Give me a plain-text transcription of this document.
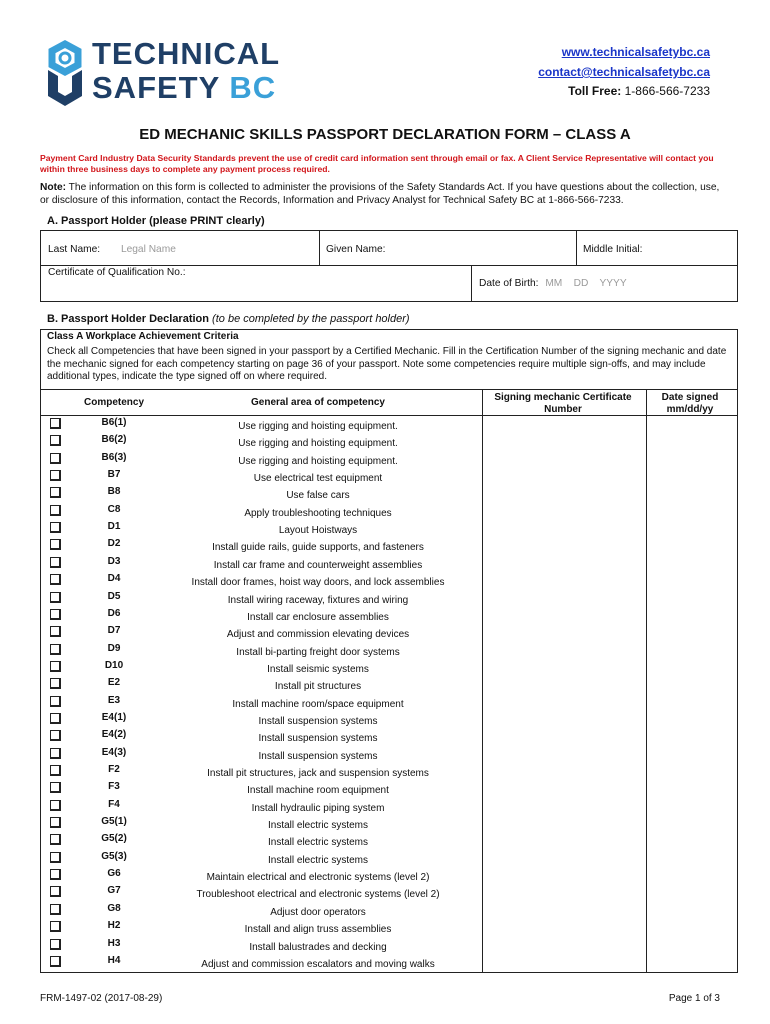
TECHNICAL
SAFETY BC
www.technicalsafetybc.ca
contact@technicalsafetybc.ca
Toll Free: 1-866-566-7233
ED MECHANIC SKILLS PASSPORT DECLARATION FORM – CLASS A
Payment Card Industry Data Security Standards prevent the use of credit card information sent through email or fax. A Client Service Representative will contact you within three business days to complete any payment process required.
Note: The information on this form is collected to administer the provisions of the Safety Standards Act. If you have questions about the collection, use, or disclosure of this information, contact the Records, Information and Privacy Analyst for Technical Safety BC at 1-866-566-7233.
A. Passport Holder (please PRINT clearly)
Last Name: Legal Name	Given Name:	Middle Initial:
Certificate of Qualification No.:
Date of Birth: MM    DD    YYYY
B. Passport Holder Declaration (to be completed by the passport holder)
Class A Workplace Achievement Criteria
Check all Competencies that have been signed in your passport by a Certified Mechanic. Fill in the Certification Number of the signing mechanic and date the mechanic signed for each competency starting on page 36 of your passport. Note some competencies require multiple sign-offs, and may include additional types, indicate the type signed off on where required.
Competency	General area of competency	Signing mechanic Certificate Number
Date signed mm/dd/yy
B6(1)	Use rigging and hoisting equipment.
B6(2)	Use rigging and hoisting equipment.
B6(3)	Use rigging and hoisting equipment.
B7	Use electrical test equipment
B8	Use false cars
C8	Apply troubleshooting techniques
D1	Layout Hoistways
D2	Install guide rails, guide supports, and fasteners
D3	Install car frame and counterweight assemblies
D4	Install door frames, hoist way doors, and lock assemblies
D5	Install wiring raceway, fixtures and wiring
D6	Install car enclosure assemblies
D7	Adjust and commission elevating devices
D9	Install bi-parting freight door systems
D10	Install seismic systems
E2	Install pit structures
E3	Install machine room/space equipment
E4(1)	Install suspension systems
E4(2)	Install suspension systems
E4(3)	Install suspension systems
F2	Install pit structures, jack and suspension systems
F3	Install machine room equipment
F4	Install hydraulic piping system
G5(1)	Install electric systems
G5(2)	Install electric systems
G5(3)	Install electric systems
G6	Maintain electrical and electronic systems (level 2)
G7	Troubleshoot electrical and electronic systems (level 2)
G8	Adjust door operators
H2	Install and align truss assemblies
H3	Install balustrades and decking
H4	Adjust and commission escalators and moving walks
FRM-1497-02 (2017-08-29)	Page 1 of 3
